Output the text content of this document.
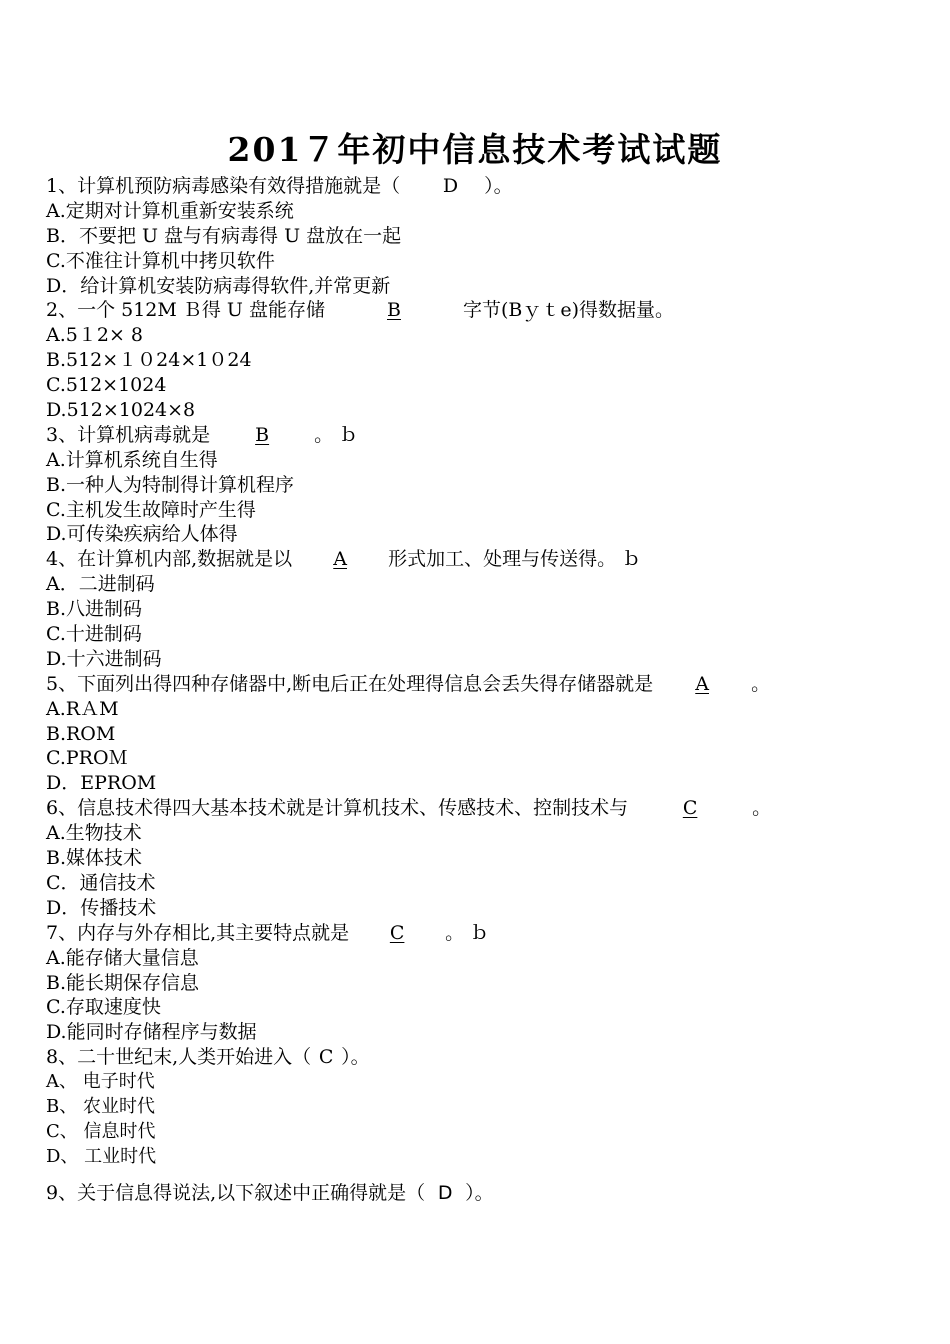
201７年初中信息技术考试试题
1、计算机预防病毒感染有效得措施就是（ D ）。
A.定期对计算机重新安装系统
B．不要把 U 盘与有病毒得 U 盘放在一起
C.不准往计算机中拷贝软件
D．给计算机安装防病毒得软件,并常更新
2、一个 512M Ｂ得 U 盘能存储	B	字节(Bｙｔe)得数据量。
A.5１2× 8
B.512×１０24×1０24
C.512×1024
D.512×1024×8
3、计算机病毒就是 B 。 ｂ
A.计算机系统自生得
B.一种人为特制得计算机程序
C.主机发生故障时产生得
D.可传染疾病给人体得
4、在计算机内部,数据就是以 A 形式加工、处理与传送得。 ｂ
A．二进制码
B.八进制码
C.十进制码
D.十六进制码
5、下面列出得四种存储器中,断电后正在处理得信息会丢失得存储器就是 A 。
A.RＡM
B.ROM
C.PROＭ
D．EPROM
6、信息技术得四大基本技术就是计算机技术、传感技术、控制技术与	C	。
A.生物技术
B.媒体技术
C．通信技术
D．传播技术
7、内存与外存相比,其主要特点就是 C 。 ｂ
A.能存储大量信息
B.能长期保存信息
C.存取速度快
D.能同时存储程序与数据
8、二十世纪末,人类开始进入（ C ）。
A、 电子时代
B、 农业时代
C、 信息时代
D、 工业时代
9、关于信息得说法,以下叙述中正确得就是（ D ）。
